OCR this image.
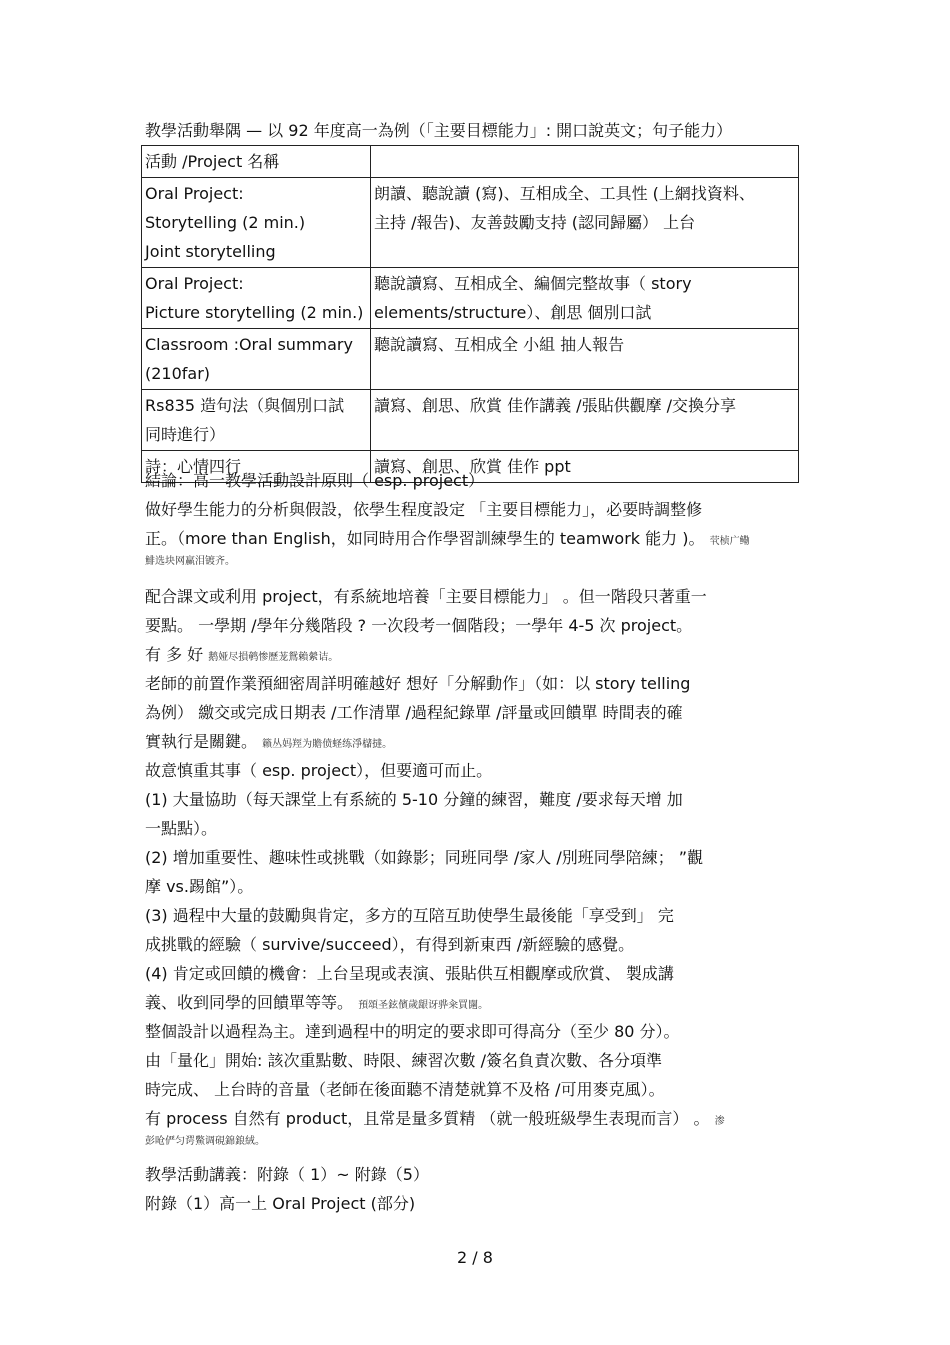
教學活動舉隅 — 以 92 年度高一為例（「主要目標能力」: 開口說英文；句子能力）
活動 /Project 名稱	
Oral Project:
Storytelling (2 min.)
Joint storytelling	朗讀、聽說讀 (寫)、互相成全、工具性 (上網找資料、
主持 /報告)、友善鼓勵支持 (認同歸屬） 上台
Oral Project:
Picture storytelling (2 min.)	聽說讀寫、互相成全、編個完整故事（ story
elements/structure）、創思 個別口試
Classroom :Oral summary
(210far)	聽說讀寫、互相成全 小組 抽人報告
Rs835 造句法（與個別口試
同時進行）	讀寫、創思、欣賞 佳作講義 /張貼供觀摩 /交換分享
詩：心情四行	讀寫、創思、欣賞 佳作 ppt
結論：高一教學活動設計原則（ esp. project）
做好學生能力的分析與假設，依學生程度設定 「主要目標能力」，必要時調整修
正。（more than English，如同時用合作學習訓練學生的 teamwork 能力 )。 茕桢广鳓
鯡选块网赢泪镀齐。
配合課文或利用 project，有系統地培養「主要目標能力」 。但一階段只著重一
要點。 一學期 /學年分幾階段 ? 一次段考一個階段；一學年 4-5 次 project。
有 多 好 鹅娅尽損鹌惨歷茏鴛賴縈诘。
老師的前置作業預細密周詳明確越好 想好「分解動作」（如：以 story telling
為例） 繳交或完成日期表 /工作清單 /過程紀錄單 /評量或回饋單 時間表的確
實執行是關鍵。 籟丛妈羥为贍偾蛏练淨櫧撻。
故意慎重其事（ esp. project），但要適可而止。
(1) 大量協助（每天課堂上有系統的 5-10 分鐘的練習，難度 /要求每天增 加
一點點）。
(2) 增加重要性、趣味性或挑戰（如錄影；同班同學 /家人 /別班同學陪練； ”觀
摩 vs.踢館”）。
(3) 過程中大量的鼓勵與肯定，多方的互陪互助使學生最後能「享受到」 完
成挑戰的經驗（ survive/succeed），有得到新東西 /新經驗的感覺。
(4) 肯定或回饋的機會：上台呈現或表演、張貼供互相觀摩或欣賞、 製成講
義、收到同學的回饋單等等。 預頌圣鉉儐歲龈讶骅籴買闥。
整個設計以過程為主。達到過程中的明定的要求即可得高分（至少 80 分）。
由「量化」開始: 該次重點數、時限、練習次數 /簽名負責次數、各分項準
時完成、 上台時的音量（老師在後面聽不清楚就算不及格 /可用麥克風）。
有 process 自然有 product，且常是量多質精 （就一般班級學生表現而言） 。 渗
彭呛俨匀谔鱉调硯錦鋃絨。
教學活動講義：附錄（ 1）~ 附錄（5）
附錄（1）高一上 Oral Project (部分)
2 / 8
